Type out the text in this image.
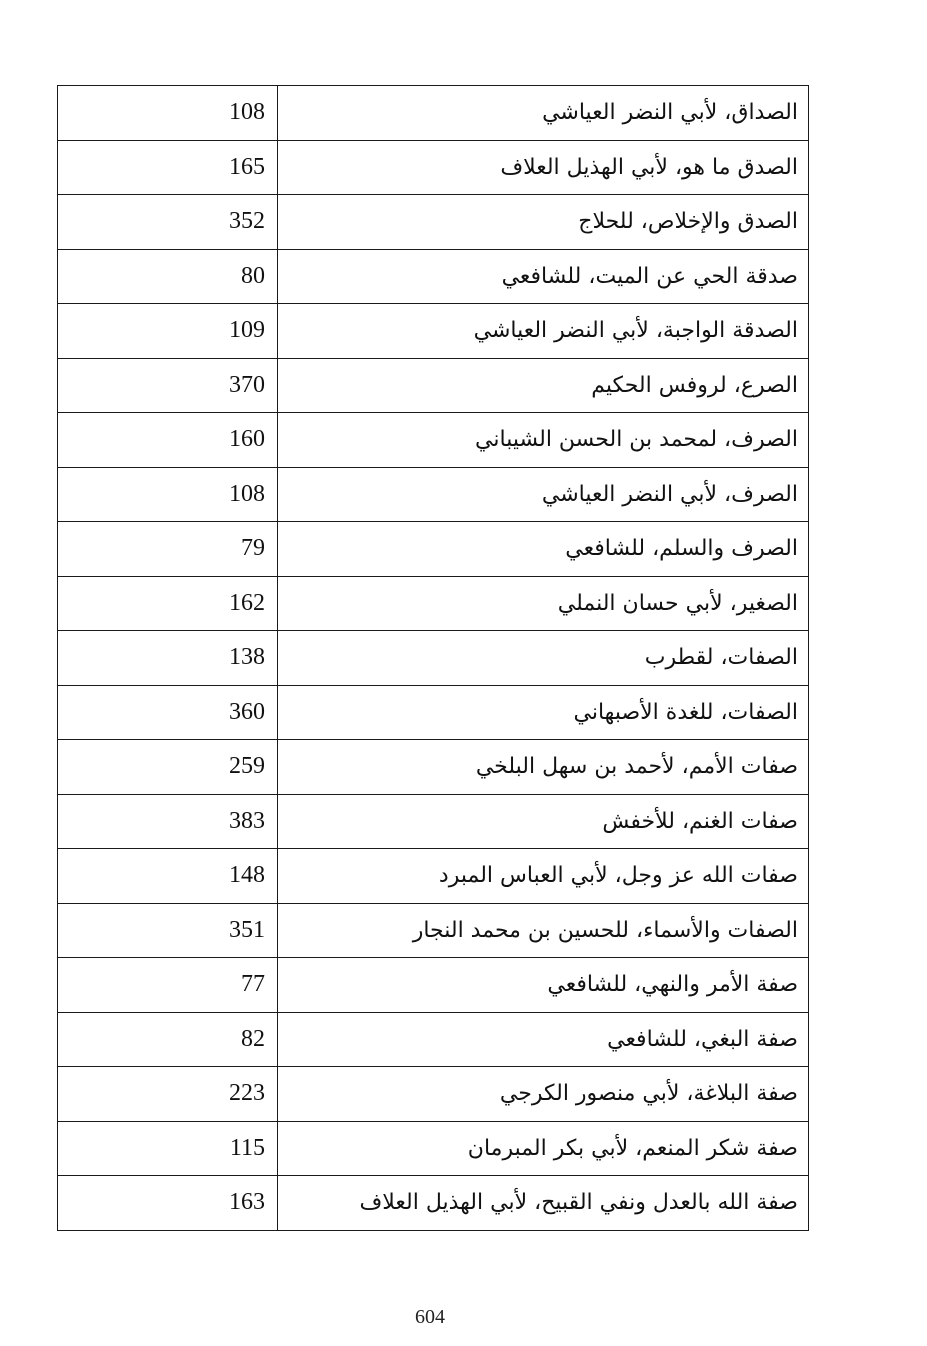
108	الصداق، لأبي النضر العياشي
165	الصدق ما هو، لأبي الهذيل العلاف
352	الصدق والإخلاص، للحلاج
80	صدقة الحي عن الميت، للشافعي
109	الصدقة الواجبة، لأبي النضر العياشي
370	الصرع، لروفس الحكيم
160	الصرف، لمحمد بن الحسن الشيباني
108	الصرف، لأبي النضر العياشي
79	الصرف والسلم، للشافعي
162	الصغير، لأبي حسان النملي
138	الصفات، لقطرب
360	الصفات، للغدة الأصبهاني
259	صفات الأمم، لأحمد بن سهل البلخي
383	صفات الغنم، للأخفش
148	صفات الله عز وجل، لأبي العباس المبرد
351	الصفات والأسماء، للحسين بن محمد النجار
77	صفة الأمر والنهي، للشافعي
82	صفة البغي، للشافعي
223	صفة البلاغة، لأبي منصور الكرجي
115	صفة شكر المنعم، لأبي بكر المبرمان
163	صفة الله بالعدل ونفي القبيح، لأبي الهذيل العلاف
604
